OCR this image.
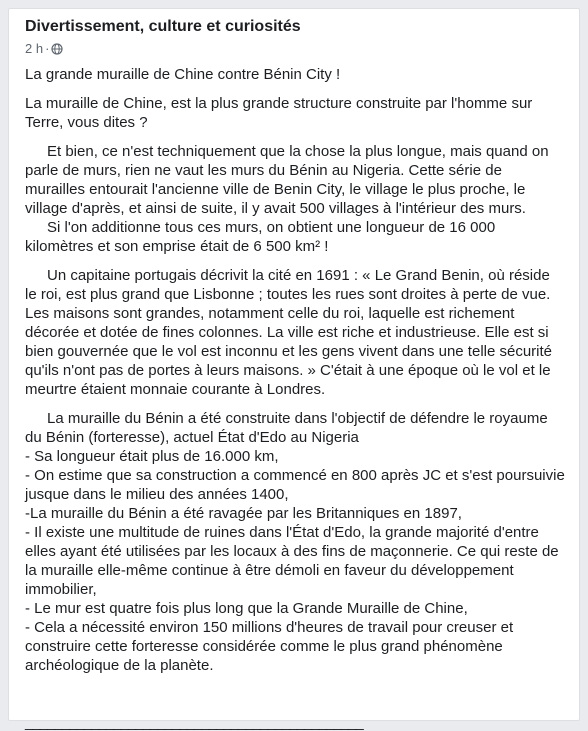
Divertissement, culture et curiosités
2 h ·

La grande muraille de Chine contre Bénin City !

La muraille de Chine, est la plus grande structure construite par l'homme sur Terre, vous dites ?

Et bien, ce n'est techniquement que la chose la plus longue, mais quand on parle de murs, rien ne vaut les murs du Bénin au Nigeria. Cette série de murailles entourait l'ancienne ville de Benin City, le village le plus proche, le village d'après, et ainsi de suite, il y avait 500 villages à l'intérieur des murs.

Si l'on additionne tous ces murs, on obtient une longueur de 16 000 kilomètres et son emprise était de 6 500 km² !

Un capitaine portugais décrivit la cité en 1691 : « Le Grand Benin, où réside le roi, est plus grand que Lisbonne ; toutes les rues sont droites à perte de vue. Les maisons sont grandes, notamment celle du roi, laquelle est richement décorée et dotée de fines colonnes. La ville est riche et industrieuse. Elle est si bien gouvernée que le vol est inconnu et les gens vivent dans une telle sécurité qu'ils n'ont pas de portes à leurs maisons. » C'était à une époque où le vol et le meurtre étaient monnaie courante à Londres.

La muraille du Bénin a été construite dans l'objectif de défendre le royaume du Bénin (forteresse), actuel État d'Edo au Nigeria

- Sa longueur était plus de 16.000 km,
- On estime que sa construction a commencé en 800 après JC et s'est poursuivie jusque dans le milieu des années 1400,
-La muraille du Bénin a été ravagée par les Britanniques en 1897,
- Il existe une multitude de ruines dans l'État d'Edo, la grande majorité d'entre elles ayant été utilisées par les locaux à des fins de maçonnerie. Ce qui reste de la muraille elle-même continue à être démoli en faveur du développement immobilier,
- Le mur est quatre fois plus long que la Grande Muraille de Chine,
- Cela a nécessité environ 150 millions d'heures de travail pour creuser et construire cette forteresse considérée comme le plus grand phénomène archéologique de la planète.
______________________________________________
